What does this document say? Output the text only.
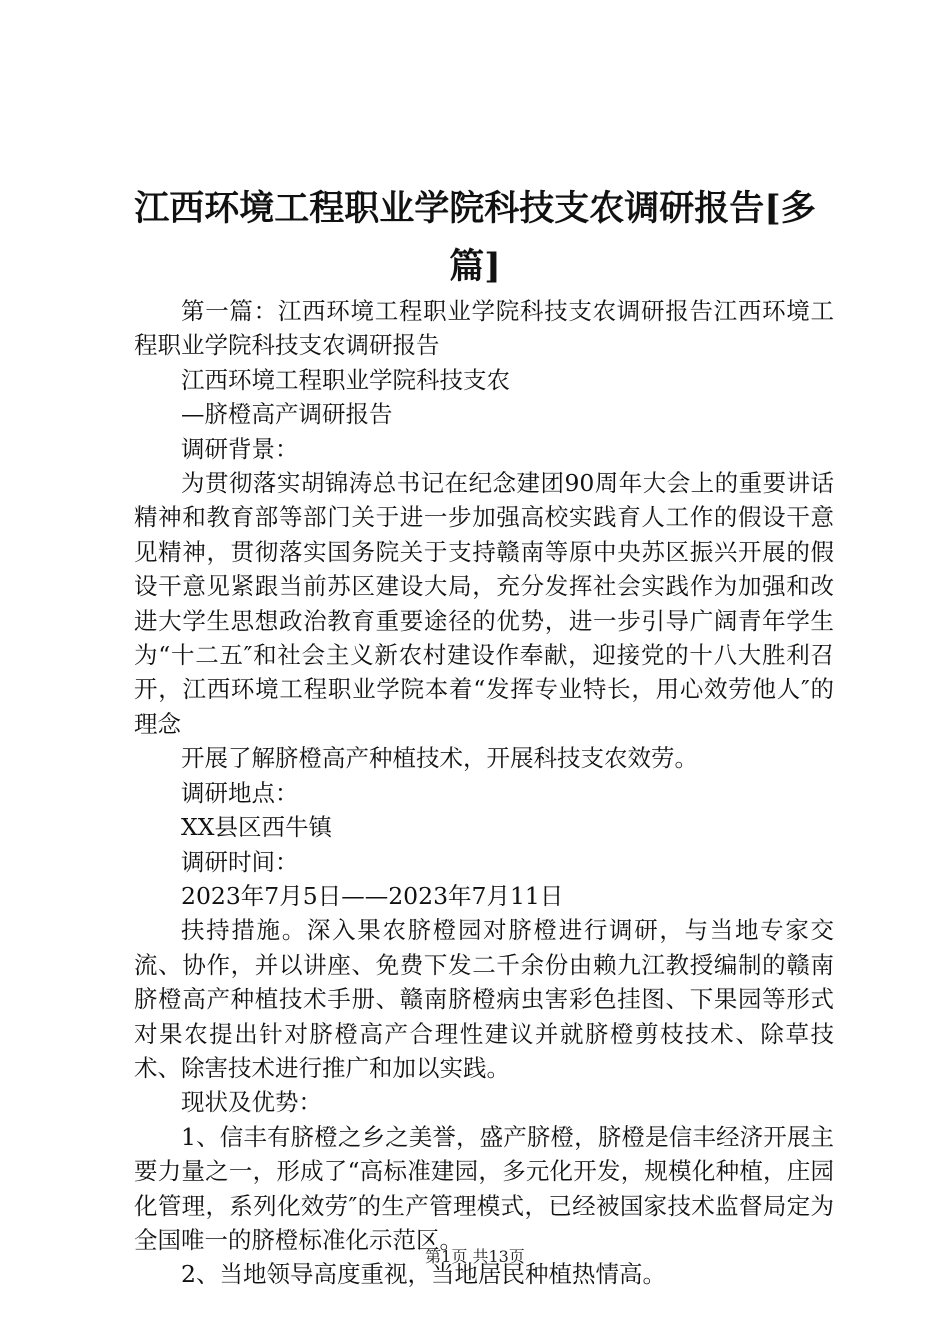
江西环境工程职业学院科技支农调研报告[多篇]

第一篇：江西环境工程职业学院科技支农调研报告江西环境工程职业学院科技支农调研报告

江西环境工程职业学院科技支农

—脐橙高产调研报告

调研背景：

为贯彻落实胡锦涛总书记在纪念建团90周年大会上的重要讲话精神和教育部等部门关于进一步加强高校实践育人工作的假设干意见精神，贯彻落实国务院关于支持赣南等原中央苏区振兴开展的假设干意见紧跟当前苏区建设大局，充分发挥社会实践作为加强和改进大学生思想政治教育重要途径的优势，进一步引导广阔青年学生为“十二五″和社会主义新农村建设作奉献，迎接党的十八大胜利召开，江西环境工程职业学院本着“发挥专业特长，用心效劳他人″的理念

开展了解脐橙高产种植技术，开展科技支农效劳。

调研地点：

XX县区西牛镇

调研时间：

2023年7月5日——2023年7月11日

扶持措施。深入果农脐橙园对脐橙进行调研，与当地专家交流、协作，并以讲座、免费下发二千余份由赖九江教授编制的赣南脐橙高产种植技术手册、赣南脐橙病虫害彩色挂图、下果园等形式对果农提出针对脐橙高产合理性建议并就脐橙剪枝技术、除草技术、除害技术进行推广和加以实践。

现状及优势：

1、信丰有脐橙之乡之美誉，盛产脐橙，脐橙是信丰经济开展主要力量之一，形成了“高标准建园，多元化开发，规模化种植，庄园化管理，系列化效劳″的生产管理模式，已经被国家技术监督局定为全国唯一的脐橙标准化示范区。

2、当地领导高度重视，当地居民种植热情高。

第1页 共13页
